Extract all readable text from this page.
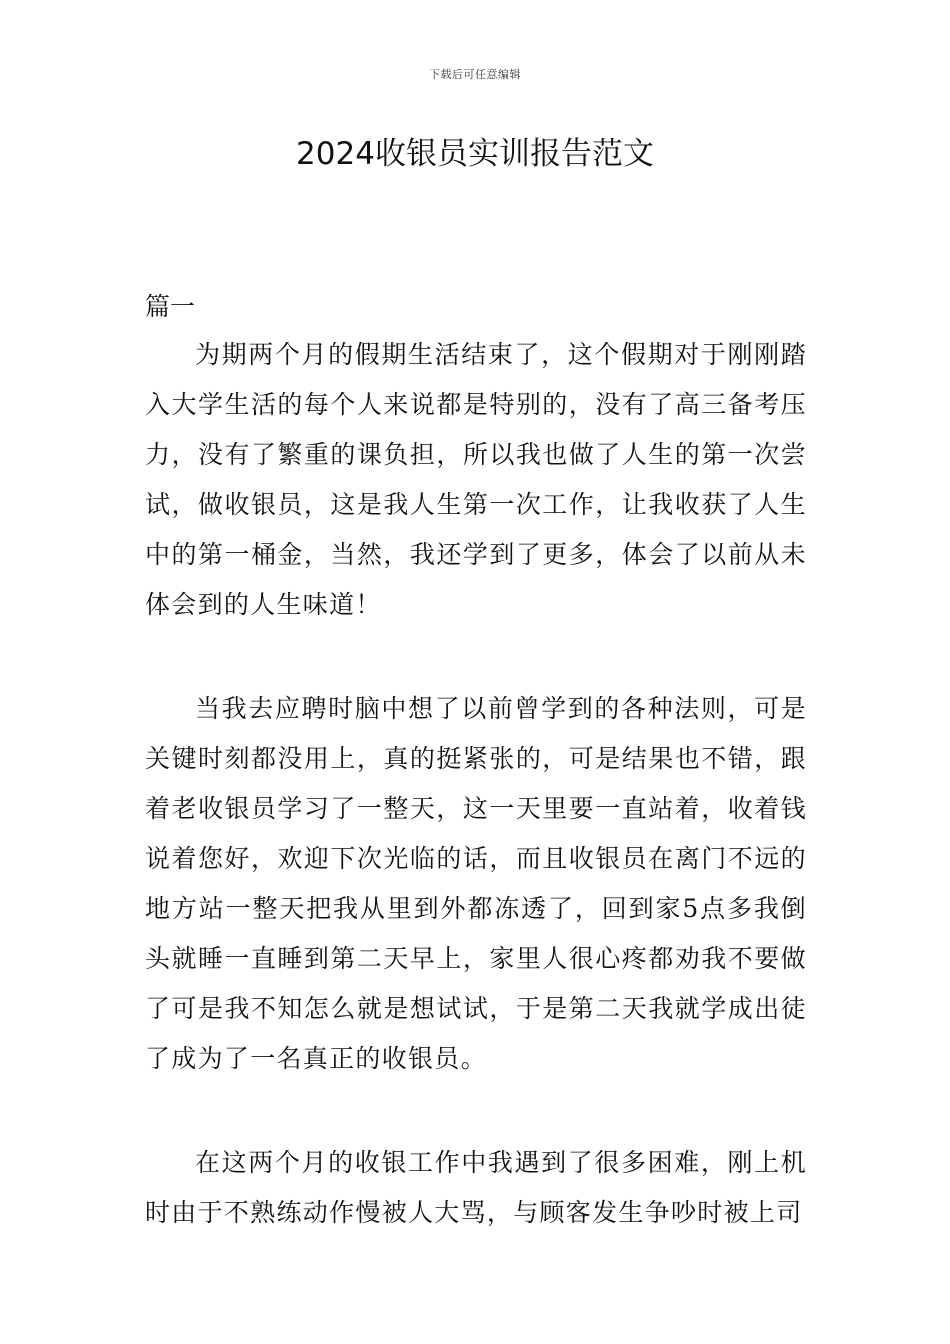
下载后可任意编辑
2024收银员实训报告范文

篇一

为期两个月的假期生活结束了，这个假期对于刚刚踏入大学生活的每个人来说都是特别的，没有了高三备考压力，没有了繁重的课负担，所以我也做了人生的第一次尝试，做收银员，这是我人生第一次工作，让我收获了人生中的第一桶金，当然，我还学到了更多，体会了以前从未体会到的人生味道！

当我去应聘时脑中想了以前曾学到的各种法则，可是关键时刻都没用上，真的挺紧张的，可是结果也不错，跟着老收银员学习了一整天，这一天里要一直站着，收着钱说着您好，欢迎下次光临的话，而且收银员在离门不远的地方站一整天把我从里到外都冻透了，回到家5点多我倒头就睡一直睡到第二天早上，家里人很心疼都劝我不要做了可是我不知怎么就是想试试，于是第二天我就学成出徒了成为了一名真正的收银员。

在这两个月的收银工作中我遇到了很多困难，刚上机时由于不熟练动作慢被人大骂，与顾客发生争吵时被上司
